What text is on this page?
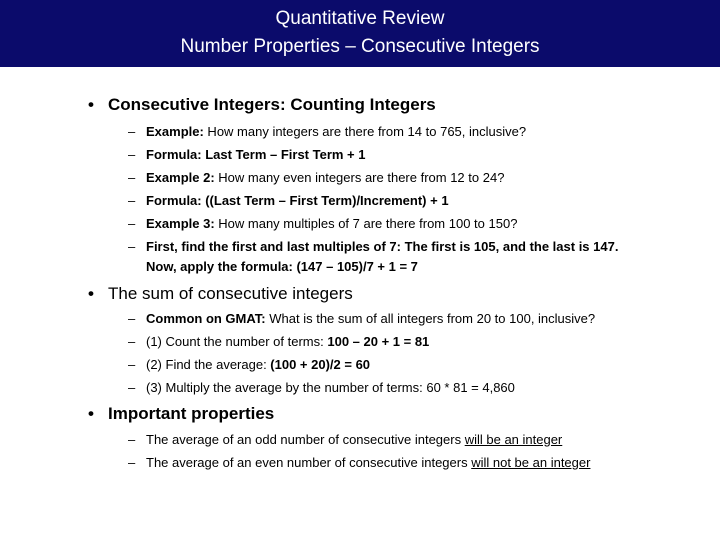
Quantitative Review
Number Properties – Consecutive Integers
• Consecutive Integers: Counting Integers
– Example: How many integers are there from 14 to 765, inclusive?
– Formula: Last Term – First Term + 1
– Example 2: How many even integers are there from 12 to 24?
– Formula: ((Last Term – First Term)/Increment) + 1
– Example 3: How many multiples of 7 are there from 100 to 150?
– First, find the first and last multiples of 7: The first is 105, and the last is 147.
Now, apply the formula: (147 – 105)/7 + 1 = 7
• The sum of consecutive integers
– Common on GMAT: What is the sum of all integers from 20 to 100, inclusive?
– (1) Count the number of terms: 100 – 20 + 1 = 81
– (2) Find the average: (100 + 20)/2 = 60
– (3) Multiply the average by the number of terms: 60 * 81 = 4,860
• Important properties
– The average of an odd number of consecutive integers will be an integer
– The average of an even number of consecutive integers will not be an integer
